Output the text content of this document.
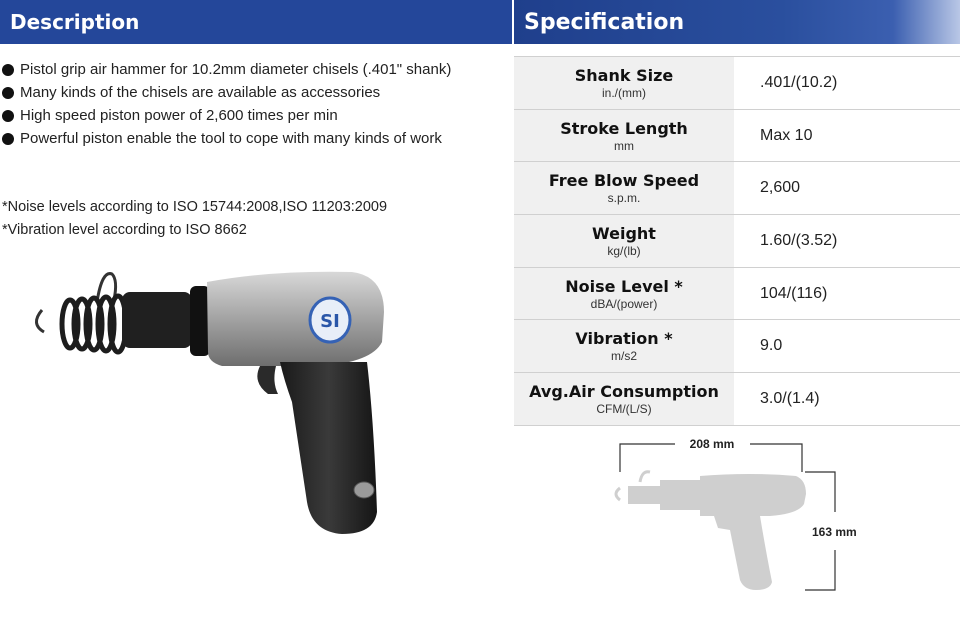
Description	Specification
Pistol grip air hammer for 10.2mm diameter chisels (.401" shank)
Many kinds of the chisels are available as accessories
High speed piston power of 2,600 times per min
Powerful piston enable the tool to cope with many kinds of work
*Noise levels according to ISO 15744:2008,ISO 11203:2009
*Vibration level according to ISO 8662
SI
Shank Size
in./(mm)
.401/(10.2)
Stroke Length
mm
Max 10
Free Blow Speed
s.p.m.
2,600
Weight
kg/(lb)
1.60/(3.52)
Noise Level *
dBA/(power)
104/(116)
Vibration *
m/s2
9.0
Avg.Air Consumption
CFM/(L/S)
3.0/(1.4)
208 mm
163 mm
